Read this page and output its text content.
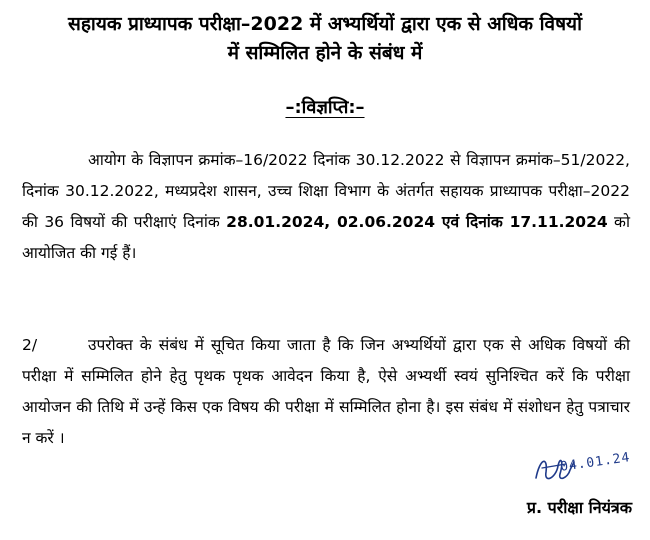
सहायक प्राध्यापक परीक्षा–2022 में अभ्यर्थियों द्वारा एक से अधिक विषयों
में सम्मिलित होने के संबंध में
–:विज्ञप्ति:–

आयोग के विज्ञापन क्रमांक–16/2022 दिनांक 30.12.2022 से विज्ञापन क्रमांक–51/2022, दिनांक 30.12.2022, मध्यप्रदेश शासन, उच्च शिक्षा विभाग के अंतर्गत सहायक प्राध्यापक परीक्षा–2022 की 36 विषयों की परीक्षाएं दिनांक 28.01.2024, 02.06.2024 एवं दिनांक 17.11.2024 को आयोजित की गई हैं।

2/	उपरोक्त के संबंध में सूचित किया जाता है कि जिन अभ्यर्थियों द्वारा एक से अधिक विषयों की परीक्षा में सम्मिलित होने हेतु पृथक पृथक आवेदन किया है, ऐसे अभ्यर्थी स्वयं सुनिश्चित करें कि परीक्षा आयोजन की तिथि में उन्हें किस एक विषय की परीक्षा में सम्मिलित होना है। इस संबंध में संशोधन हेतु पत्राचार न करें ।

04.01.24
प्र. परीक्षा नियंत्रक
